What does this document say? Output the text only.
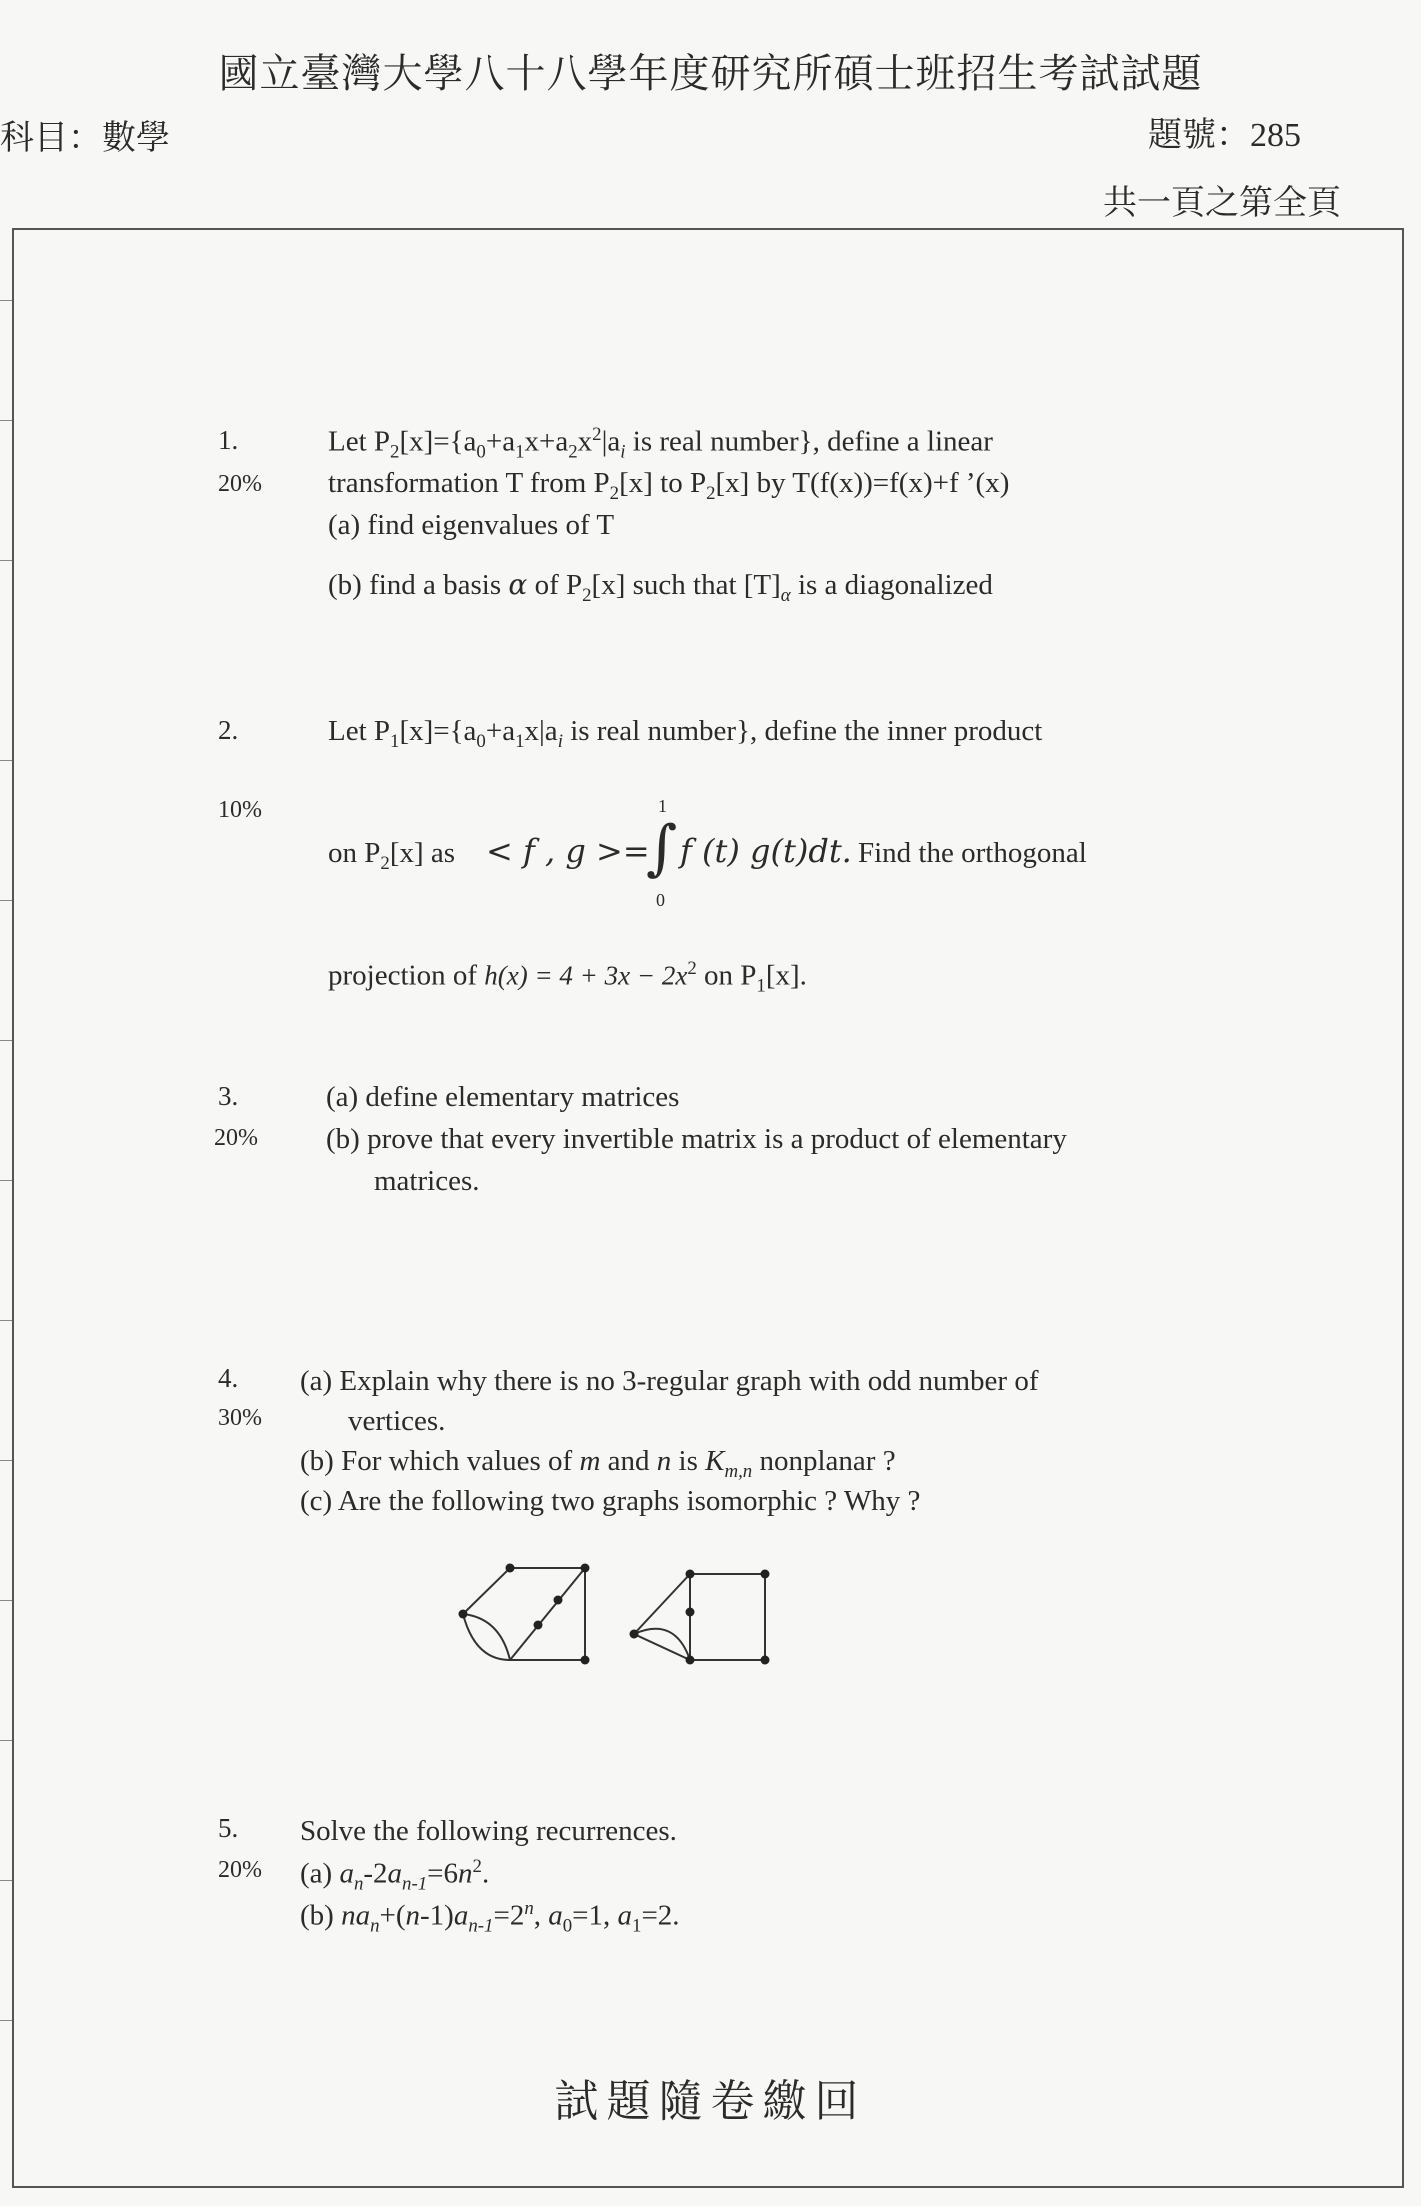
國立臺灣大學八十八學年度研究所碩士班招生考試試題
科目：數學	題號：285
共一頁之第全頁
1.
20%
Let $P_2[x]=\{a_0+a_1x+a_2x^2|a_i$ is real number}, define a linear
transformation T from $P_2[x]$ to $P_2[x]$ by T(f(x))=f(x)+f ’(x)
(a) find eigenvalues of T
(b) find a basis α of $P_2[x]$ such that $[T]_\alpha$ is a diagonalized
2.
10%
Let $P_1[x]=\{a_0+a_1x|a_i$ is real number}, define the inner product
on $P_2[x]$ as < f , g >=
1
∫
0
f (t) g(t)dt. Find the orthogonal
projection of $h(x) = 4 + 3x - 2x^2$ on $P_1[x]$.
3.
20%
(a) define elementary matrices
(b) prove that every invertible matrix is a product of elementary
matrices.
4.
30%
(a) Explain why there is no 3-regular graph with odd number of
vertices.
(b) For which values of m and n is $K_{m,n}$ nonplanar ?
(c) Are the following two graphs isomorphic ? Why ?
5.
20%
Solve the following recurrences.
(a) $a_n-2a_{n-1}=6n^2$.
(b) $na_n+(n-1)a_{n-1}=2^n$, $a_0=1$, $a_1=2$.
試題隨卷繳回
